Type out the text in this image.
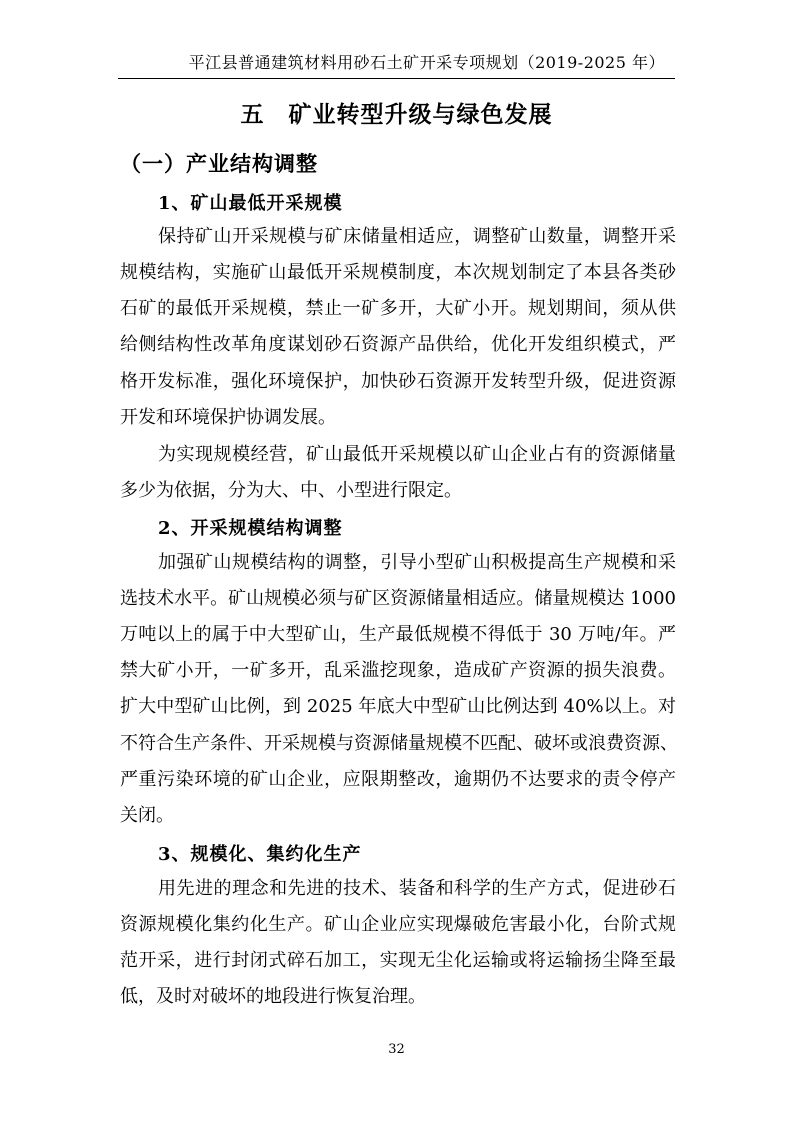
平江县普通建筑材料用砂石土矿开采专项规划（2019-2025 年）
五 矿业转型升级与绿色发展
（一）产业结构调整
1、矿山最低开采规模
保持矿山开采规模与矿床储量相适应，调整矿山数量，调整开采
规模结构，实施矿山最低开采规模制度，本次规划制定了本县各类砂
石矿的最低开采规模，禁止一矿多开，大矿小开。规划期间，须从供
给侧结构性改革角度谋划砂石资源产品供给，优化开发组织模式，严
格开发标准，强化环境保护，加快砂石资源开发转型升级，促进资源
开发和环境保护协调发展。
为实现规模经营，矿山最低开采规模以矿山企业占有的资源储量
多少为依据，分为大、中、小型进行限定。
2、开采规模结构调整
加强矿山规模结构的调整，引导小型矿山积极提高生产规模和采
选技术水平。矿山规模必须与矿区资源储量相适应。储量规模达 1000
万吨以上的属于中大型矿山，生产最低规模不得低于 30 万吨/年。严
禁大矿小开，一矿多开，乱采滥挖现象，造成矿产资源的损失浪费。
扩大中型矿山比例，到 2025 年底大中型矿山比例达到 40%以上。对
不符合生产条件、开采规模与资源储量规模不匹配、破坏或浪费资源、
严重污染环境的矿山企业，应限期整改，逾期仍不达要求的责令停产
关闭。
3、规模化、集约化生产
用先进的理念和先进的技术、装备和科学的生产方式，促进砂石
资源规模化集约化生产。矿山企业应实现爆破危害最小化，台阶式规
范开采，进行封闭式碎石加工，实现无尘化运输或将运输扬尘降至最
低，及时对破坏的地段进行恢复治理。
32
